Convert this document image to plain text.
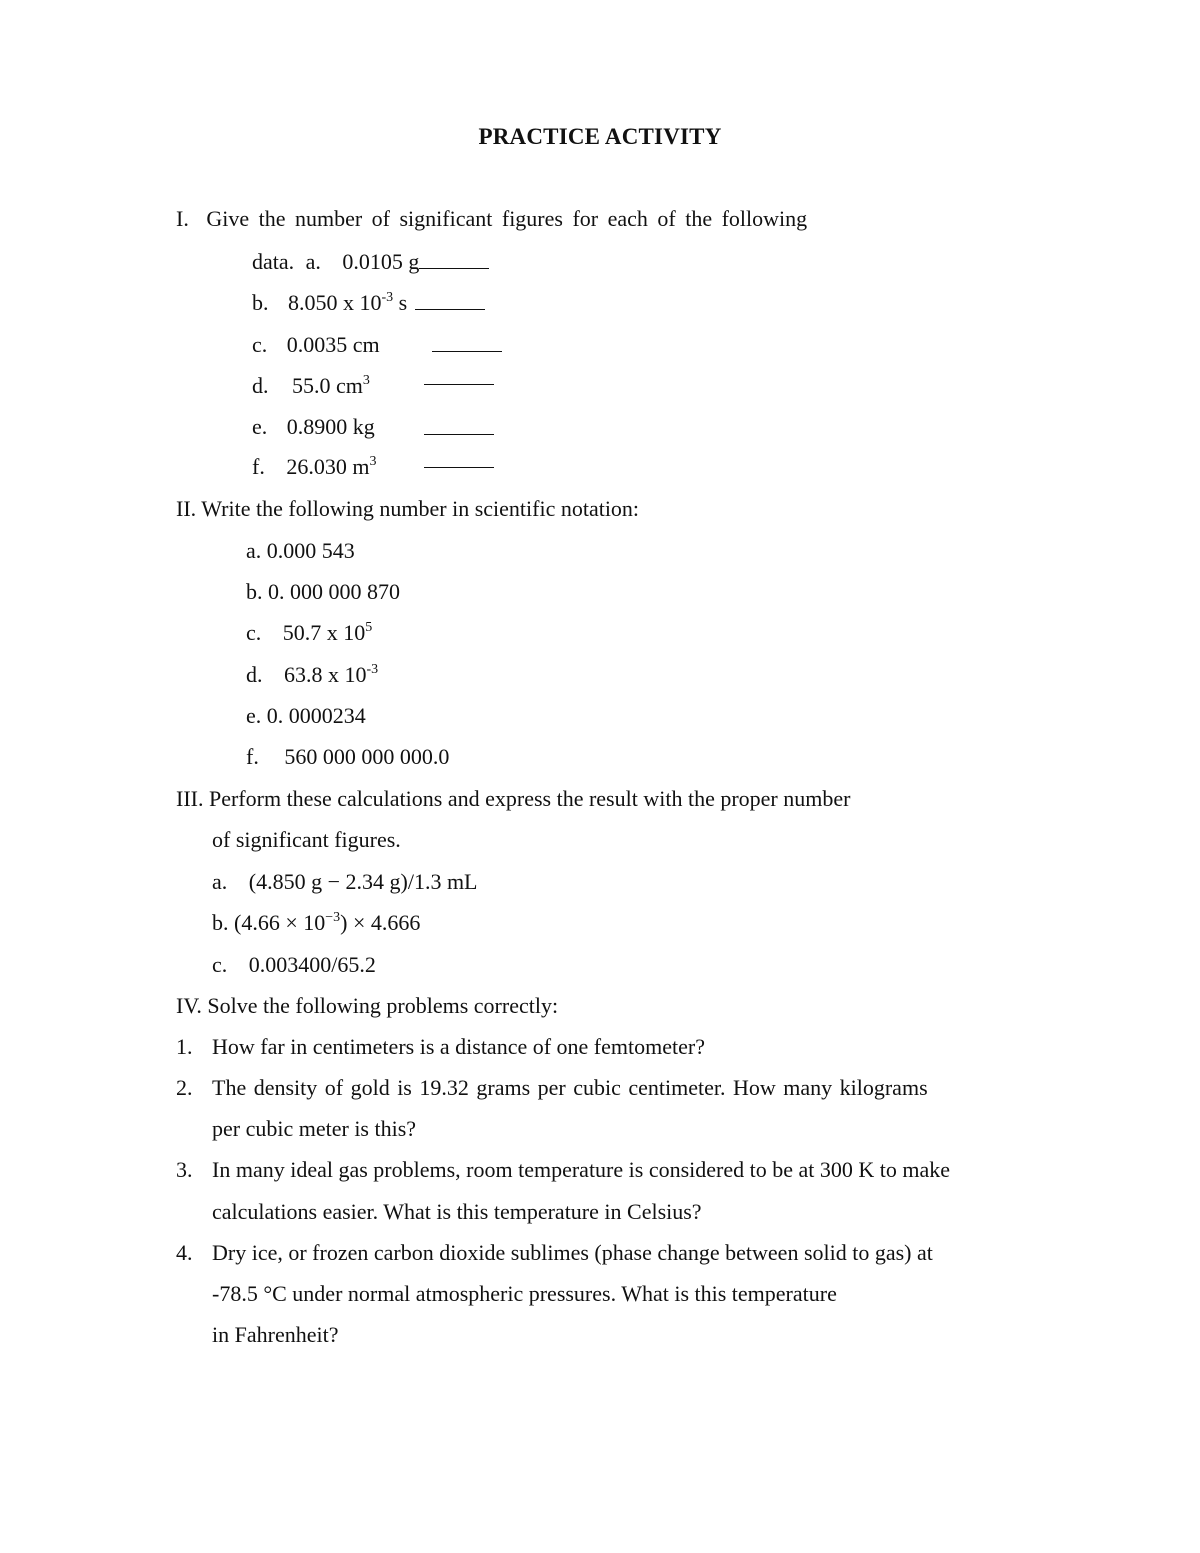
PRACTICE ACTIVITY
I. Give the number of significant figures for each of the following
data. a. 0.0105 g
b. 8.050 x $10^{-3}$ s
c. 0.0035 cm
d. 55.0 $cm^3$
e. 0.8900 kg
f. 26.030 $m^3$
II. Write the following number in scientific notation:
a. 0.000 543
b. 0. 000 000 870
c. 50.7 x $10^5$
d. 63.8 x $10^{-3}$
e. 0. 0000234
f. 560 000 000 000.0
III. Perform these calculations and express the result with the proper number
of significant figures.
a. (4.850 g − 2.34 g)/1.3 mL
b. $(4.66 \times 10^{-3}) \times 4.666$
c. 0.003400/65.2
IV. Solve the following problems correctly:
1. How far in centimeters is a distance of one femtometer?
2. The density of gold is 19.32 grams per cubic centimeter. How many kilograms
per cubic meter is this?
3. In many ideal gas problems, room temperature is considered to be at 300 K to make
calculations easier. What is this temperature in Celsius?
4. Dry ice, or frozen carbon dioxide sublimes (phase change between solid to gas) at
-78.5 °C under normal atmospheric pressures. What is this temperature
in Fahrenheit?
